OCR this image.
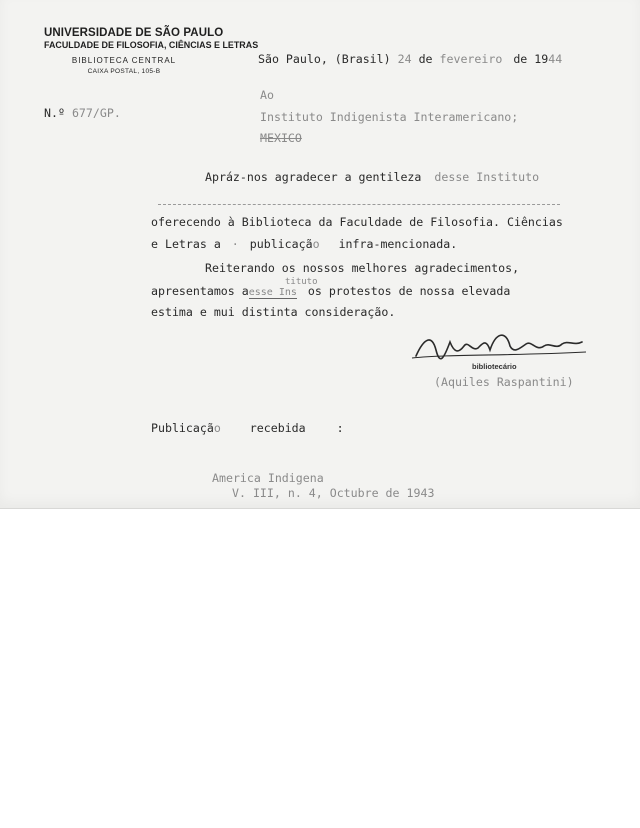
UNIVERSIDADE DE SÃO PAULO
FACULDADE DE FILOSOFIA, CIÊNCIAS E LETRAS
BIBLIOTECA CENTRAL
CAIXA POSTAL, 105-B
N.º 677/GP.
São Paulo, (Brasil) 24 de fevereiro de 1944
Ao
Instituto Indigenista Interamericano;
MEXICO
Apráz-nos agradecer a gentileza desse Instituto
oferecendo à Biblioteca da Faculdade de Filosofia. Ciências
e Letras a · publicação infra-mencionada.
Reiterando os nossos melhores agradecimentos,
apresentamos aesse Ins os protestos de nossa elevada
tituto
estima e mui distinta consideração.
bibliotecário
(Aquiles Raspantini)
Publicação recebida	:
America Indigena
V. III, n. 4, Octubre de 1943
